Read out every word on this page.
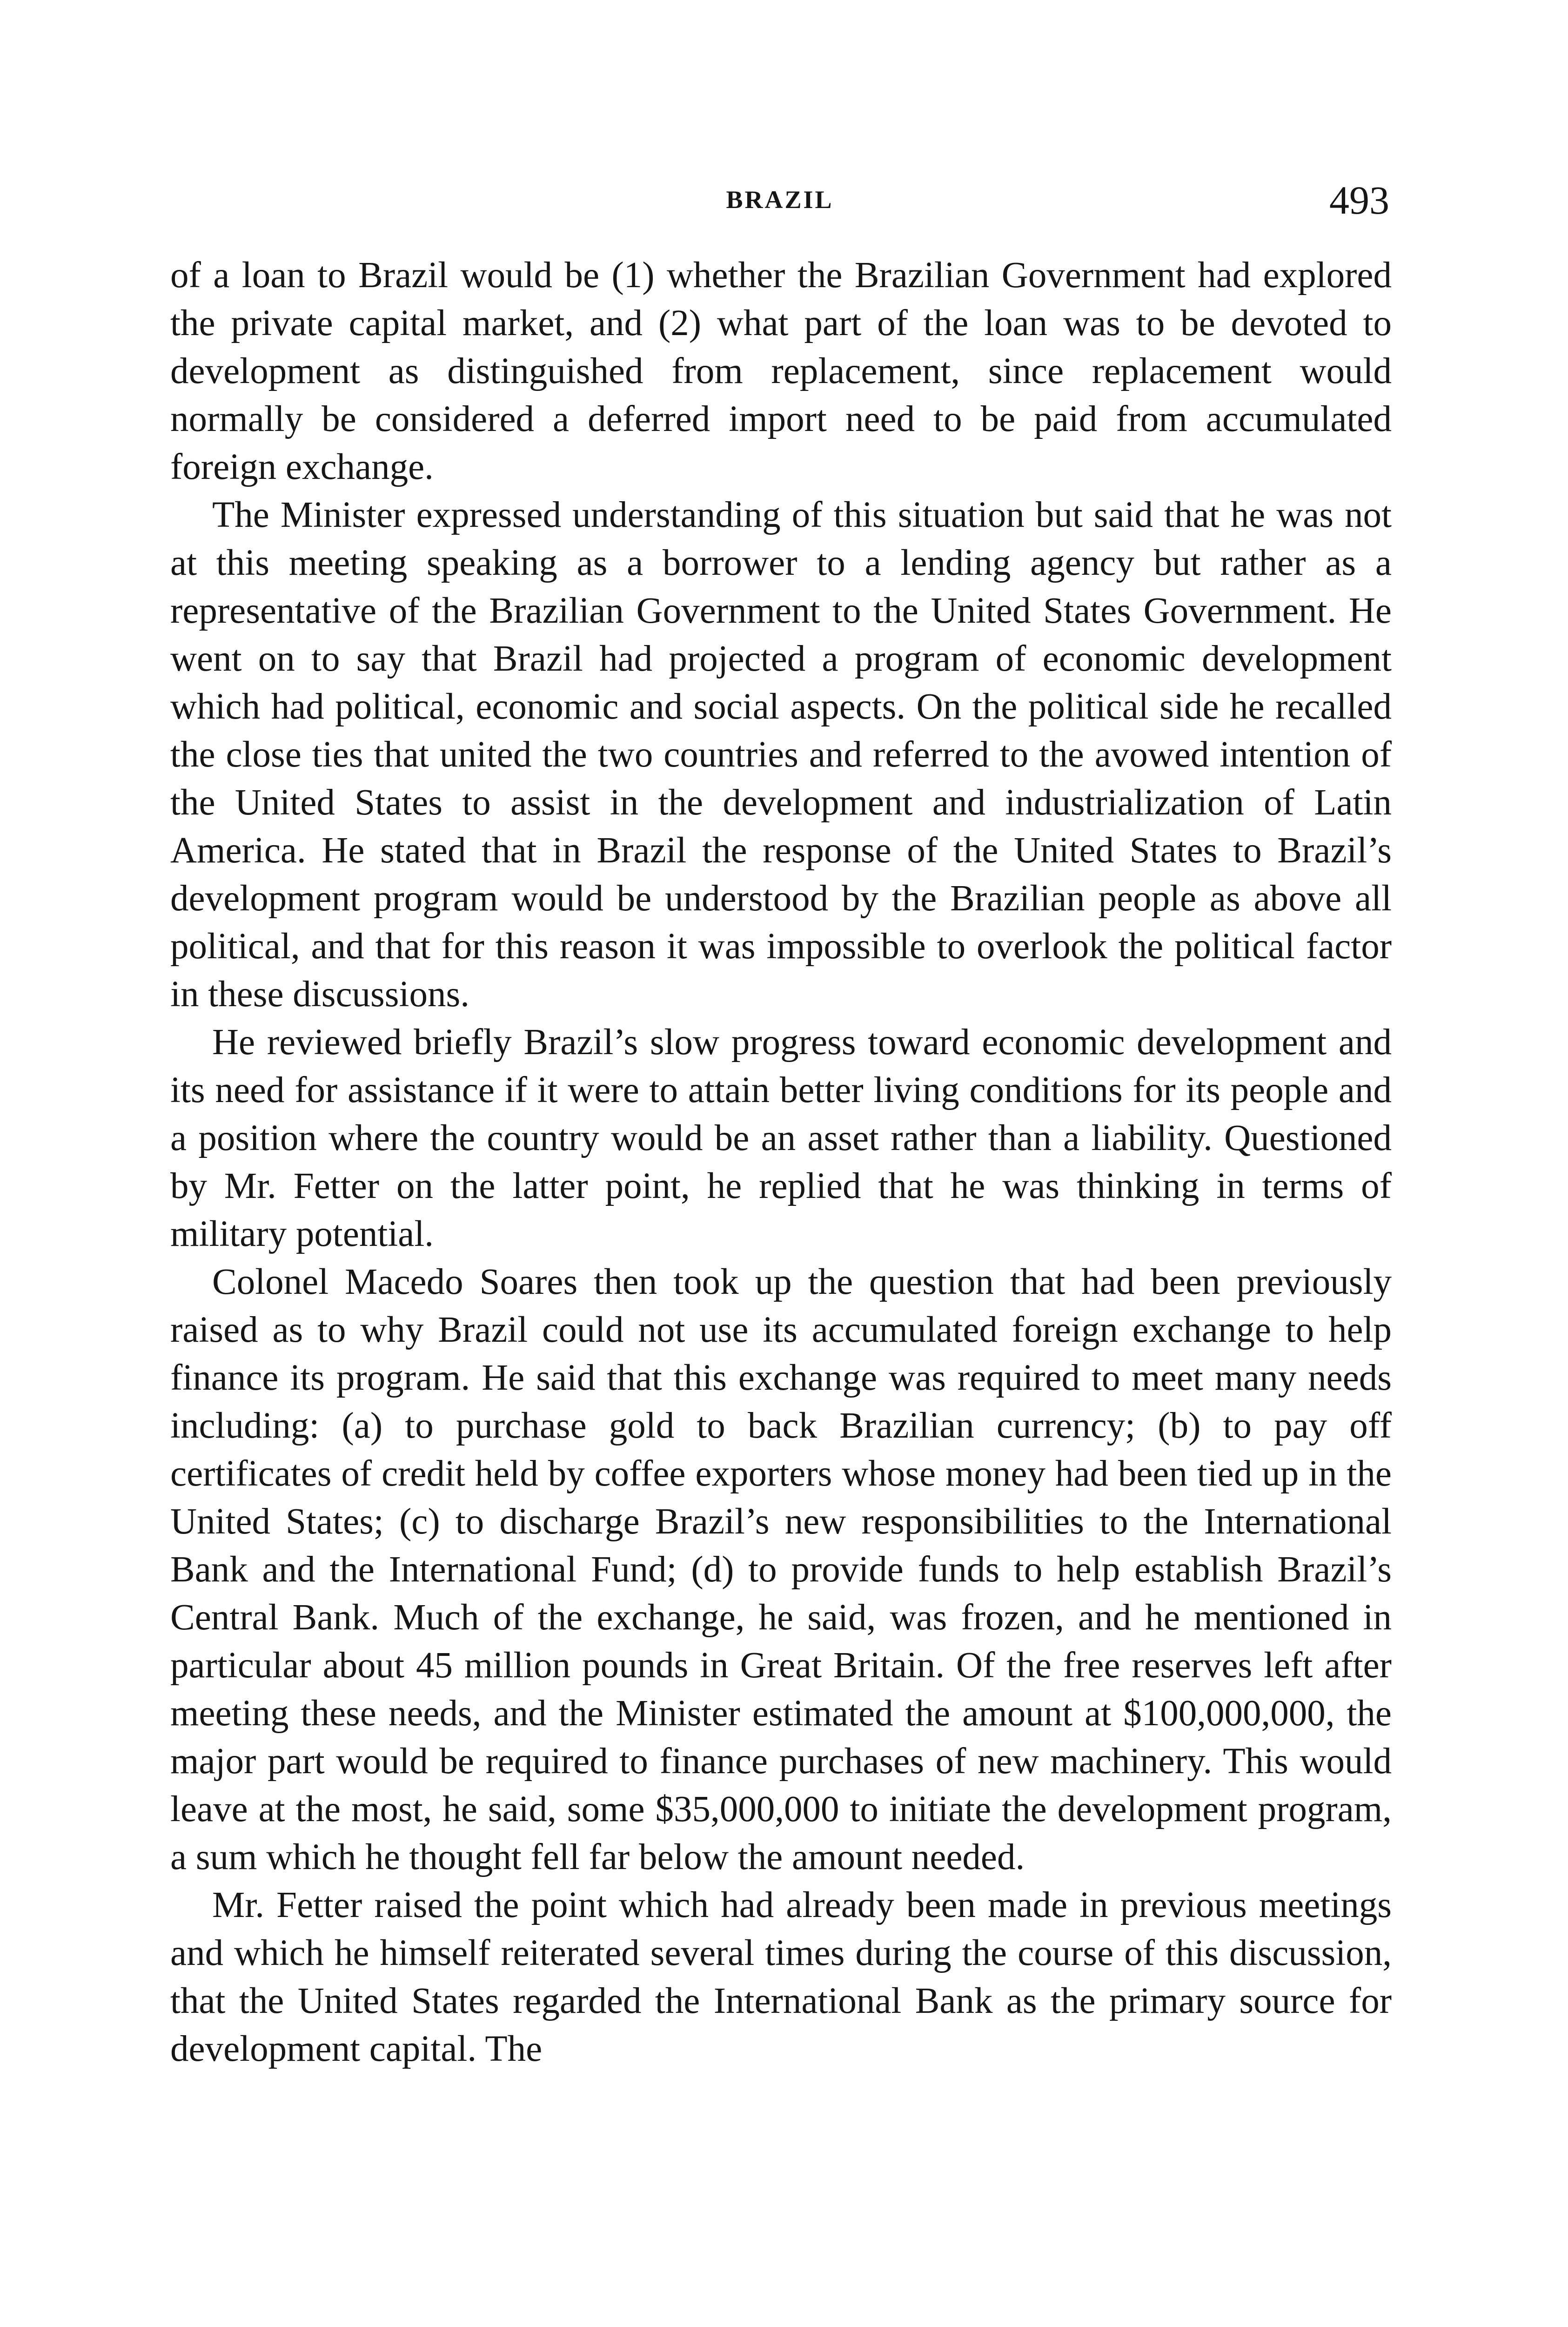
BRAZIL	493

of a loan to Brazil would be (1) whether the Brazilian Government had explored the private capital market, and (2) what part of the loan was to be devoted to development as distinguished from replacement, since replacement would normally be considered a deferred import need to be paid from accumulated foreign exchange.

The Minister expressed understanding of this situation but said that he was not at this meeting speaking as a borrower to a lending agency but rather as a representative of the Brazilian Government to the United States Government. He went on to say that Brazil had projected a program of economic development which had political, economic and social aspects. On the political side he recalled the close ties that united the two countries and referred to the avowed intention of the United States to assist in the development and industrialization of Latin America. He stated that in Brazil the response of the United States to Brazil’s development program would be understood by the Brazilian people as above all political, and that for this reason it was impossible to overlook the political factor in these discussions.

He reviewed briefly Brazil’s slow progress toward economic development and its need for assistance if it were to attain better living conditions for its people and a position where the country would be an asset rather than a liability. Questioned by Mr. Fetter on the latter point, he replied that he was thinking in terms of military potential.

Colonel Macedo Soares then took up the question that had been previously raised as to why Brazil could not use its accumulated foreign exchange to help finance its program. He said that this exchange was required to meet many needs including: (a) to purchase gold to back Brazilian currency; (b) to pay off certificates of credit held by coffee exporters whose money had been tied up in the United States; (c) to discharge Brazil’s new responsibilities to the International Bank and the International Fund; (d) to provide funds to help establish Brazil’s Central Bank. Much of the exchange, he said, was frozen, and he mentioned in particular about 45 million pounds in Great Britain. Of the free reserves left after meeting these needs, and the Minister estimated the amount at $100,000,000, the major part would be required to finance purchases of new machinery. This would leave at the most, he said, some $35,000,000 to initiate the development program, a sum which he thought fell far below the amount needed.

Mr. Fetter raised the point which had already been made in previous meetings and which he himself reiterated several times during the course of this discussion, that the United States regarded the International Bank as the primary source for development capital. The
